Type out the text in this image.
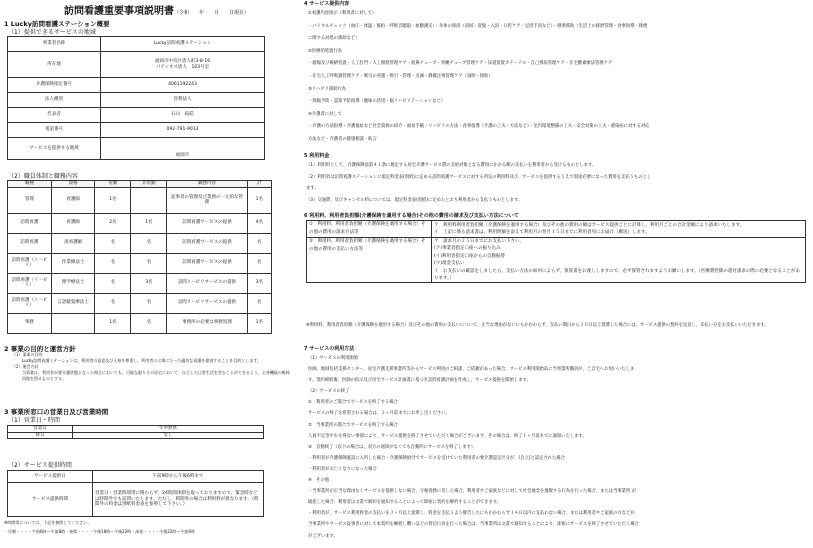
訪問看護重要事項説明書（令和　　年　　月　　日現在）
1 Lucky訪問看護ステーション概要
（1）提供できるサービスの地域
事業者名称	Lucky訪問看護ステーション
所在地	福岡市中央区唐人町3-8-16
パティオス唐人　103号室
介護保険指定番号	4061192243
法人種別	営利法人
代表者	石川　拓皓
電話番号	092-791-9013
サービスを提供する地域	福岡市
（2）職員体制と職務内容
職種	資格	常勤	非常勤	職務内容	計
管理	看護師	1名		従事者の管理及び業務の一元的な管理	1名
訪問看護	看護師	2名	1名	訪問看護サービスの提供	4名
訪問看護	准看護師	名	名	訪問看護サービスの提供	名
訪問看護（リハビリ）	作業療法士	名	名	訪問看護サービスの提供	名
訪問看護（リハビリ）	理学療法士	名	3名	訪問リハビリサービスの提供	3名
訪問看護（リハビリ）	言語聴覚療法士	名	名	訪問リハビリサービスの提供	名
事務		1名	名	事務所の必要な事務処理	1名
2 事業の目的と運営方針
（1）事業の目的
Lucky訪問看護ステーションは、利用者の意思及び人格を尊重し、利用者の立場にたった適切な看護を提供することを目的とします。
（2）運営方針
当事業は、利用者が要介護状態となった場合においても、可能な限りその居宅において、自立した日常生活を営むことができるよう、心身機能の維持回復を図るものとする。
3 事業所窓口の営業日及び営業時間
（1）営業日・時間
営業日	年中無休
休日	なし
（2）サービス提供時間
サービス提供日	午前9時から午後6時まで
サービス提供時間	営業日・営業時間帯に関わらず、24時間体制を取っておりますので、緊急時などは時間外でも訪問いたします。ただし、時間外の場合は利用料が異なります。（時間外の料金は別紙料金表を参照して下さい。）
※時間帯については、下記を参照してください。
・早朝・・・・午前6時〜午前8時・夜間・・・・午後18時〜午後22時・深夜・・・・午後22時〜午前6時
4 サービス提供内容
①看護内容指示（利用者に対して）
・バイタルチェック（血圧・体温・脈拍・呼吸音聴取・血糖測定）・身体の保清（清拭・洗髪・入浴・口腔ケア・足浴手浴など）・排泄援助（生活上の排泄管理・食事指導・排便
に関する対処の援助など）
②医療的処置行為
・創傷及び褥瘡処置・人工肛門・人工膀胱管理ケア・経鼻チューブ・胃瘻チューブ管理ケア・尿道留置カテーテル・自己導尿管理ケア・在宅酸素療法管理ケア
・在宅人工呼吸器管理ケア・吸引の実施・吸引・管理・点滴・静脈注射管理ケア（説明・援助）
③リハビリ援助行為
・拘縮予防・認知予防指導（趣味の活用・脳リハビリテーションなど）
④介護者に対して
・介護の方法指導・介護福祉など社会資源の紹介・福祉手帳・リハビリの方法・食事指導（介護の工夫・方法など）・室内環境整備の工夫・安全対策の工夫・感染症に対する対応
方法など・介護者の健康相談・助言
5 利用料金
（1）利用料として、介護保険法第４１条に規定する居宅介護サービス費の支給対象となる費用にかかる額の支払いを利用者から受けるものとします。
（2）利用者は訪問看護ステーションに規定料金表(別紙)に定める訪問看護サービスに対する所定の利用料及び、サービスを提供するうえで別途必要になった費用を支払うものとし
ます。
（3）交通費、及びキャンセル料については、規定料金表(別紙)に定めたとおり利用者から支払うものとします。
6 利用料、利用者負担額(介護保険を適用する場合)その他の費用の請求及び支払い方法について
①　利用料、利用者負担額（介護保険を適用する場合）その他の費用の請求方法等	ア　利用料利用者負担額（介護保険を適用する場合）及びその他の費用の額はサービス提供ごとに計算し、利用月ごとの合計金額により請求いたします。
イ　上記に係る請求書は、利用明細を添えて利用月の翌月１５日までに利用者宛にお届け（郵送）します。

②　利用料、利用者負担額（介護保険を適用する場合）その他の費用の支払い方法等	ア　請求月の２５日までにお支払い下さい。
(ア)事業者指定口座への振り込み
(イ)利用者指定口座からの自動振替
(ウ)現金支払い
イ　お支払いの確認をしましたら、支払い方法の如何によらず、領収書をお渡ししますので、必ず保管されますようお願いします。（医療費控除の還付請求の際に必要となることがあります。）
※利用料、利用者負担額（介護保険を適用する場合）及びその他の費用の支払いについて、正当な理由がないにもかかわらず、支払い期日から３０日以上延滞した場合には、サービス提供の契約を見直し、未払い分をお支払いいただきます。
7 サービスの利用方法
（1）サービスの利用開始
医師、地域包括支援センター、居宅介護支援事業所等からサービス利用のご相談、ご依頼があった場合、サービス利用開始前に当事業所職員が、ご自宅へお伺いいたしま
す。契約締結後、医師の指示及び居宅サービス計画書に基づき訪問看護計画を作成し、サービス提供を開始します。
（2）サービスの終了
①　利用者のご都合でサービスを終了する場合
サービスの終了を希望される場合は、３ヶ月前までにお申し出ください。
②　当事業所の都合でサービスを終了する場合
人員不足等やむを得ない事情により、サービス提供を終了させていただく場合がございます。その場合は、終了１ヶ月前までに通知いたします。
③　自動終了（以下の場合は、双方の通知がなくても自動的にサービスを終了します）
・利用者が介護保険施設に入所した場合・介護保険給付でサービスを受けていた利用者の要介護認定区分が、[自立]と認定された場合
・利用者がお亡くなりになった場合
④　その他
・当事業所が正当な理由なくサービスを提供しない場合、守秘義務に反した場合、利用者やご家族などに対して社会通念を逸脱する行為を行った場合、または当事業所 が
破産した場合、利用者は文書で解約を通知することによって即座に契約を解約することができます。
・利用者が、サービス利用料金の支払いを３ヶ月以上延滞し、料金を支払うよう催告したにもかかわらず１４日以内に支払わない場合、または利用者やご家族の方などが、
当事業所やサービス従事者に対して本契約を継続し難いほどの背信行為を行った場合は、当事業所は文書で通知することにより、即座にサービスを終了させていただく場合
がございます。
